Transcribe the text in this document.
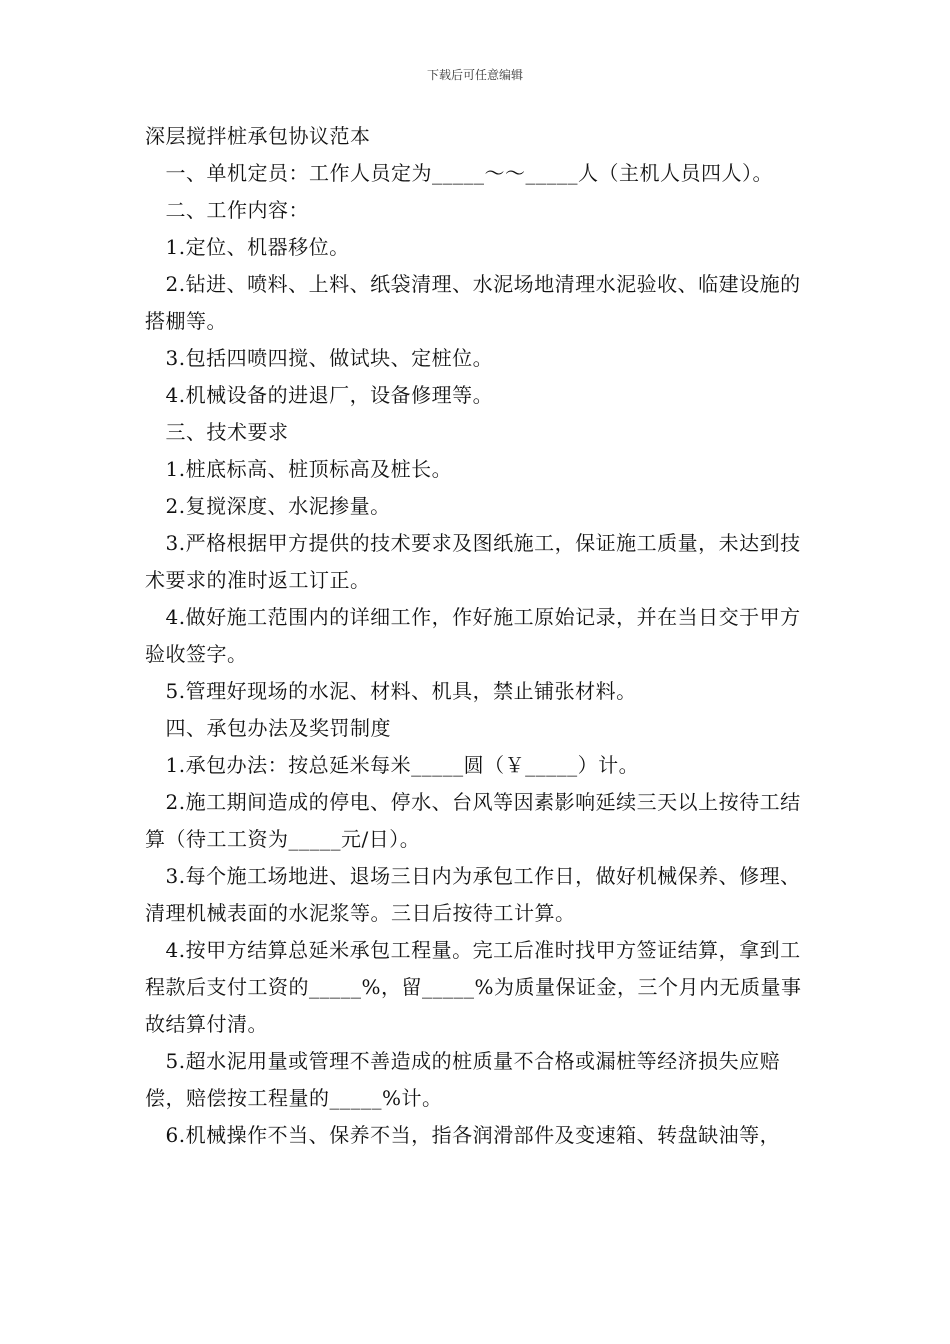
下载后可任意编辑

深层搅拌桩承包协议范本

　一、单机定员：工作人员定为_____～～_____人（主机人员四人）。

　二、工作内容：

　1.定位、机器移位。

　2.钻进、喷料、上料、纸袋清理、水泥场地清理水泥验收、临建设施的搭棚等。

　3.包括四喷四搅、做试块、定桩位。

　4.机械设备的进退厂，设备修理等。

　三、技术要求

　1.桩底标高、桩顶标高及桩长。

　2.复搅深度、水泥掺量。

　3.严格根据甲方提供的技术要求及图纸施工，保证施工质量，未达到技术要求的准时返工订正。

　4.做好施工范围内的详细工作，作好施工原始记录，并在当日交于甲方验收签字。

　5.管理好现场的水泥、材料、机具，禁止铺张材料。

　四、承包办法及奖罚制度

　1.承包办法：按总延米每米_____圆（￥_____）计。

　2.施工期间造成的停电、停水、台风等因素影响延续三天以上按待工结算（待工工资为_____元/日）。

　3.每个施工场地进、退场三日内为承包工作日，做好机械保养、修理、清理机械表面的水泥浆等。三日后按待工计算。

　4.按甲方结算总延米承包工程量。完工后准时找甲方签证结算，拿到工程款后支付工资的_____%，留_____%为质量保证金，三个月内无质量事故结算付清。

　5.超水泥用量或管理不善造成的桩质量不合格或漏桩等经济损失应赔偿，赔偿按工程量的_____%计。

　6.机械操作不当、保养不当，指各润滑部件及变速箱、转盘缺油等，
